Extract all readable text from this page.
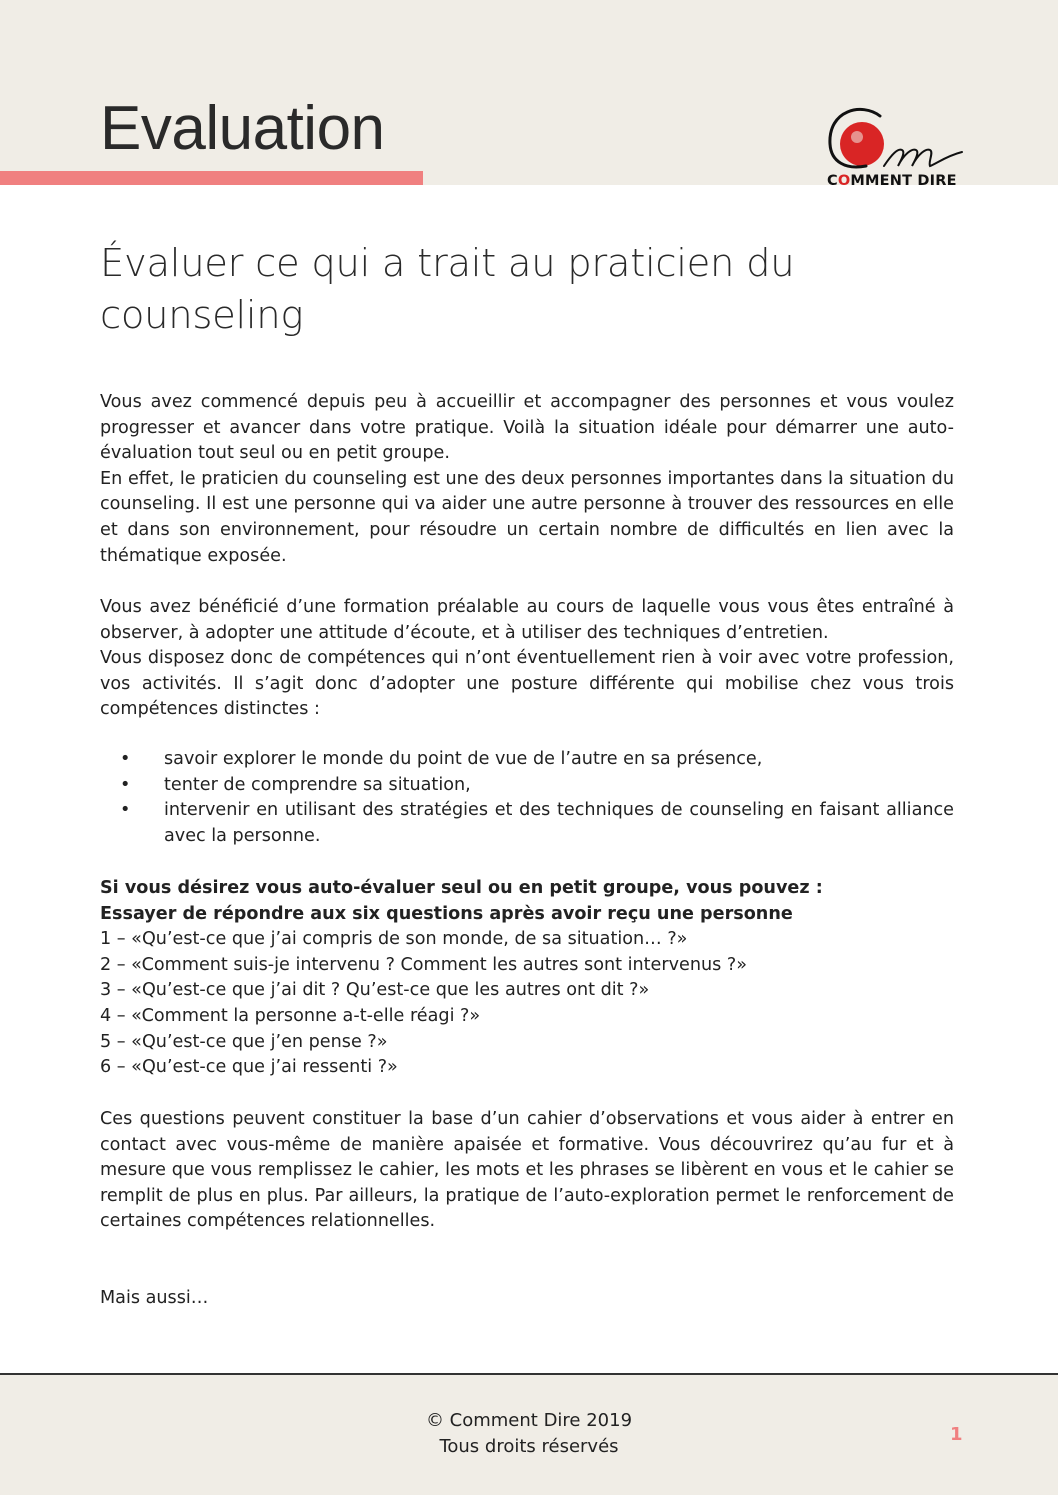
Evaluation
COMMENT DIRE
Évaluer ce qui a trait au praticien du
counseling

Vous avez commencé depuis peu à accueillir et accompagner des personnes et vous voulez progresser et avancer dans votre pratique. Voilà la situation idéale pour démarrer une auto-évaluation tout seul ou en petit groupe.

En effet, le praticien du counseling est une des deux personnes importantes dans la situation du counseling. Il est une personne qui va aider une autre personne à trouver des ressources en elle et dans son environnement, pour résoudre un certain nombre de difficultés en lien avec la thématique exposée.

Vous avez bénéficié d’une formation préalable au cours de laquelle vous vous êtes entraîné à observer, à adopter une attitude d’écoute, et à utiliser des techniques d’entretien.

Vous disposez donc de compétences qui n’ont éventuellement rien à voir avec votre profession, vos activités. Il s’agit donc d’adopter une posture différente qui mobilise chez vous trois compétences distinctes :

• savoir explorer le monde du point de vue de l’autre en sa présence,
• tenter de comprendre sa situation,
• intervenir en utilisant des stratégies et des techniques de counseling en faisant alliance avec la personne.
Si vous désirez vous auto-évaluer seul ou en petit groupe, vous pouvez :
Essayer de répondre aux six questions après avoir reçu une personne
1 – «Qu’est-ce que j’ai compris de son monde, de sa situation… ?»
2 – «Comment suis-je intervenu ? Comment les autres sont intervenus ?»
3 – «Qu’est-ce que j’ai dit ? Qu’est-ce que les autres ont dit ?»
4 – «Comment la personne a-t-elle réagi ?»
5 – «Qu’est-ce que j’en pense ?»
6 – «Qu’est-ce que j’ai ressenti ?»

Ces questions peuvent constituer la base d’un cahier d’observations et vous aider à entrer en contact avec vous-même de manière apaisée et formative. Vous découvrirez qu’au fur et à mesure que vous remplissez le cahier, les mots et les phrases se libèrent en vous et le cahier se remplit de plus en plus. Par ailleurs, la pratique de l’auto-exploration permet le renforcement de certaines compétences relationnelles.

Mais aussi…

© Comment Dire 2019
Tous droits réservés
1
